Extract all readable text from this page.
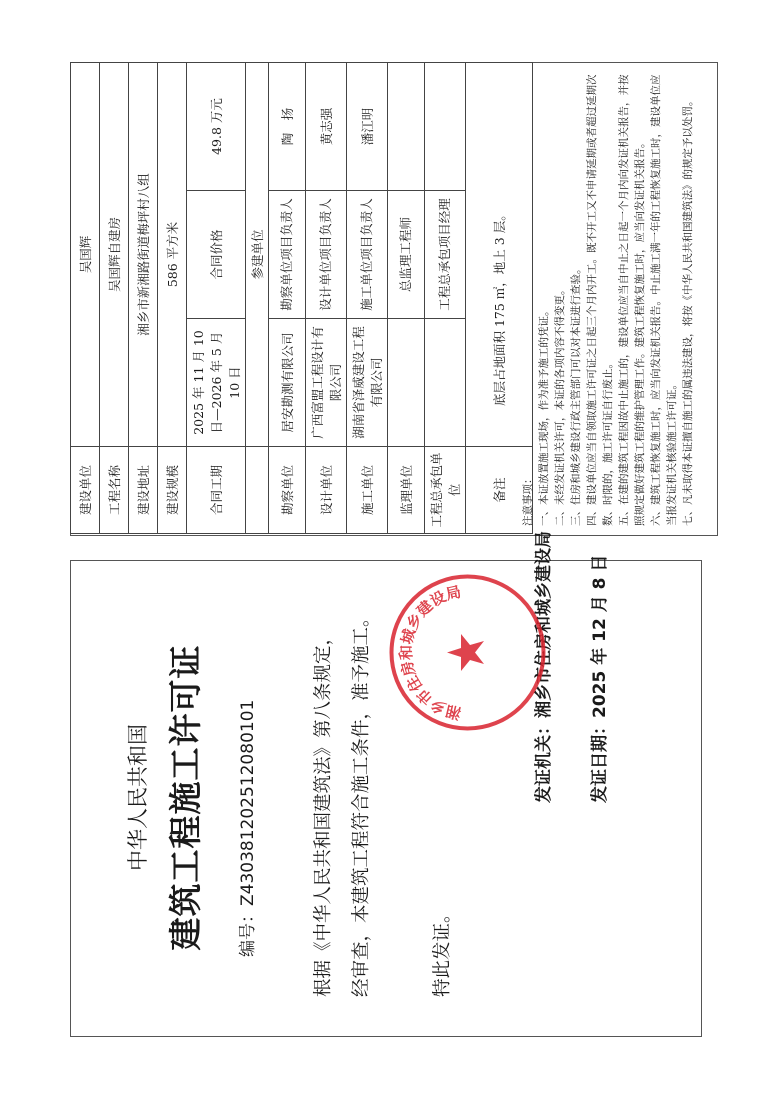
中华人民共和国 建筑工程施工许可证 编号：Z430381202512080101	根据《中华人民共和国建筑法》第八条规定， 经审查，本建筑工程符合施工条件，准予施工。	特此发证。
发证机关：湘乡市住房和城乡建设局 发证日期：2025 年 12 月 8 日
湘乡市住房和城乡建设局
建设单位	吴国辉		
工程名称	吴国辉自建房		
建设地址	湘乡市新湘路街道梅坪村八组		
建设规模	586 平方米		
合同工期	2025 年 11 月 10 日—2026 年 5 月 10 日	合同价格	49.8 万元
	参建单位		
勘察单位	居安勘测有限公司	勘察单位项目负责人	陶　扬
设计单位	广西富盟工程设计有限公司	设计单位项目负责人	黄志强
施工单位	湖南省泽威建设工程有限公司	施工单位项目负责人	潘江明
监理单位		总监理工程师	
工程总承包单位		工程总承包项目经理	
备注	底层占地面积 175 ㎡，地上 3 层。		
注意事项： 一、本证放置施工现场，作为准予施工的凭证。 二、未经发证机关许可，本证的各项内容不得变更。 三、住房和城乡建设行政主管部门可以对本证进行查验。 四、建设单位应当自领取施工许可证之日起三个月内开工。既不开工又不申请延期或者超过延期次数、时限的，施工许可证自行废止。 五、在建的建筑工程因故中止施工的，建设单位应当自中止之日起一个月内向发证机关报告，并按照规定做好建筑工程的维护管理工作。建筑工程恢复施工时，应当向发证机关报告。 六、建筑工程恢复施工时，应当向发证机关报告。中止施工满一年的工程恢复施工时，建设单位应当报发证机关核验施工许可证。 七、凡未取得本证擅自施工的属违法建设，将按《中华人民共和国建筑法》的规定予以处罚。
